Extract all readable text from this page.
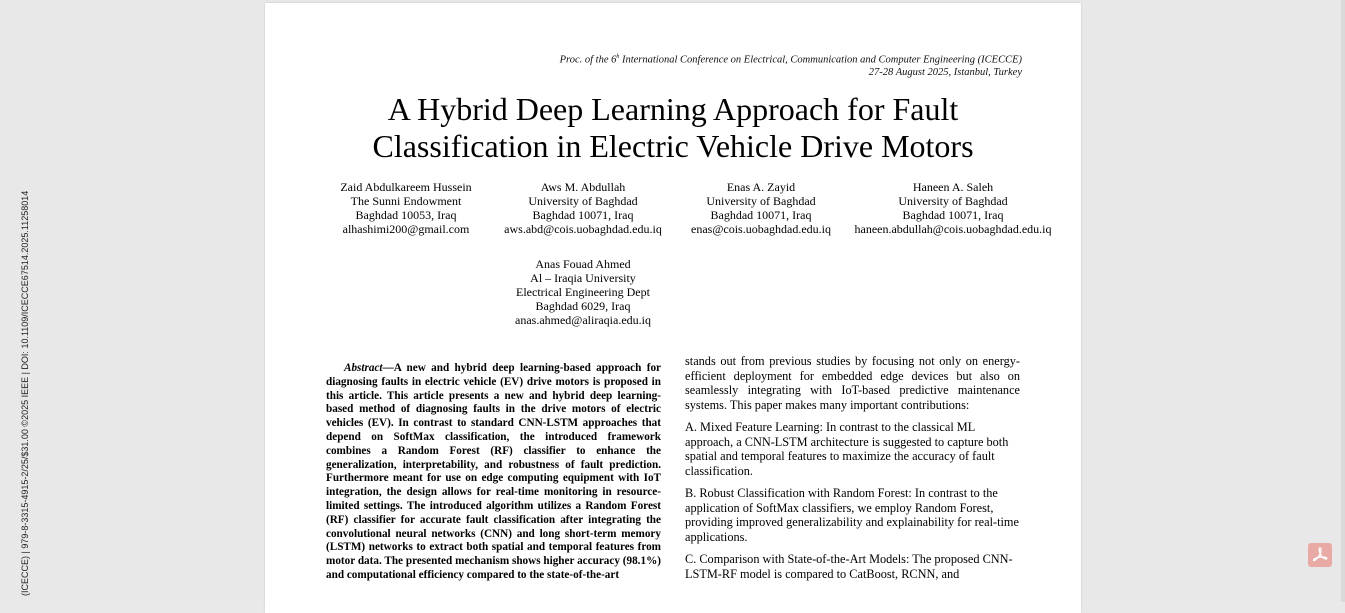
Proc. of the 6$^h$ International Conference on Electrical, Communication and Computer Engineering (ICECCE)
27-28 August 2025, Istanbul, Turkey
A Hybrid Deep Learning Approach for Fault
Classification in Electric Vehicle Drive Motors
Zaid Abdulkareem Hussein
The Sunni Endowment
Baghdad 10053, Iraq
alhashimi200@gmail.com
Aws M. Abdullah
University of Baghdad
Baghdad 10071, Iraq
aws.abd@cois.uobaghdad.edu.iq
Enas A. Zayid
University of Baghdad
Baghdad 10071, Iraq
enas@cois.uobaghdad.edu.iq
Haneen A. Saleh
University of Baghdad
Baghdad 10071, Iraq
haneen.abdullah@cois.uobaghdad.edu.iq
Anas Fouad Ahmed
Al – Iraqia University
Electrical Engineering Dept
Baghdad 6029, Iraq
anas.ahmed@aliraqia.edu.iq
Abstract—A new and hybrid deep learning-based approach for diagnosing faults in electric vehicle (EV) drive motors is proposed in this article. This article presents a new and hybrid deep learning-based method of diagnosing faults in the drive motors of electric vehicles (EV). In contrast to standard CNN-LSTM approaches that depend on SoftMax classification, the introduced framework combines a Random Forest (RF) classifier to enhance the generalization, interpretability, and robustness of fault prediction. Furthermore meant for use on edge computing equipment with IoT integration, the design allows for real-time monitoring in resource-limited settings. The introduced algorithm utilizes a Random Forest (RF) classifier for accurate fault classification after integrating the convolutional neural networks (CNN) and long short-term memory (LSTM) networks to extract both spatial and temporal features from motor data. The presented mechanism shows higher accuracy (98.1%) and computational efficiency compared to the state-of-the-art

stands out from previous studies by focusing not only on energy-efficient deployment for embedded edge devices but also on seamlessly integrating with IoT-based predictive maintenance systems. This paper makes many important contributions:

A. Mixed Feature Learning: In contrast to the classical ML approach, a CNN-LSTM architecture is suggested to capture both spatial and temporal features to maximize the accuracy of fault classification.

B. Robust Classification with Random Forest: In contrast to the application of SoftMax classifiers, we employ Random Forest, providing improved generalizability and explainability for real-time applications.

C. Comparison with State-of-the-Art Models: The proposed CNN-LSTM-RF model is compared to CatBoost, RCNN, and

(ICECCE) | 979-8-3315-4915-2/25/$31.00 ©2025 IEEE | DOI: 10.1109/ICECCE67514.2025.11258014
